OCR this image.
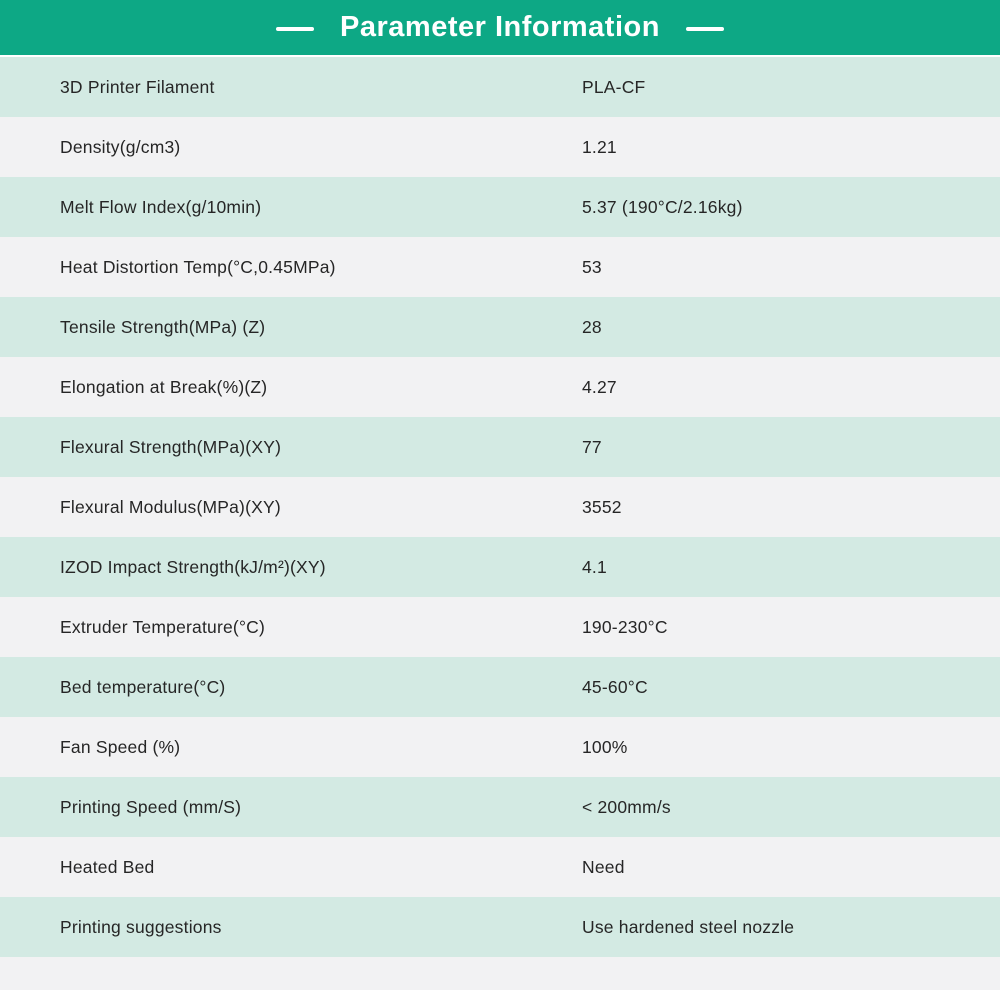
Parameter Information
3D Printer Filament	PLA-CF
Density(g/cm3)	1.21
Melt Flow Index(g/10min)	5.37 (190°C/2.16kg)
Heat Distortion Temp(°C,0.45MPa)	53
Tensile Strength(MPa) (Z)	28
Elongation at Break(%)(Z)	4.27
Flexural Strength(MPa)(XY)	77
Flexural Modulus(MPa)(XY)	3552
IZOD Impact Strength(kJ/m²)(XY)	4.1
Extruder Temperature(°C)	190-230°C
Bed temperature(°C)	45-60°C
Fan Speed (%)	100%
Printing Speed (mm/S)	< 200mm/s
Heated Bed	Need
Printing suggestions	Use hardened steel nozzle
